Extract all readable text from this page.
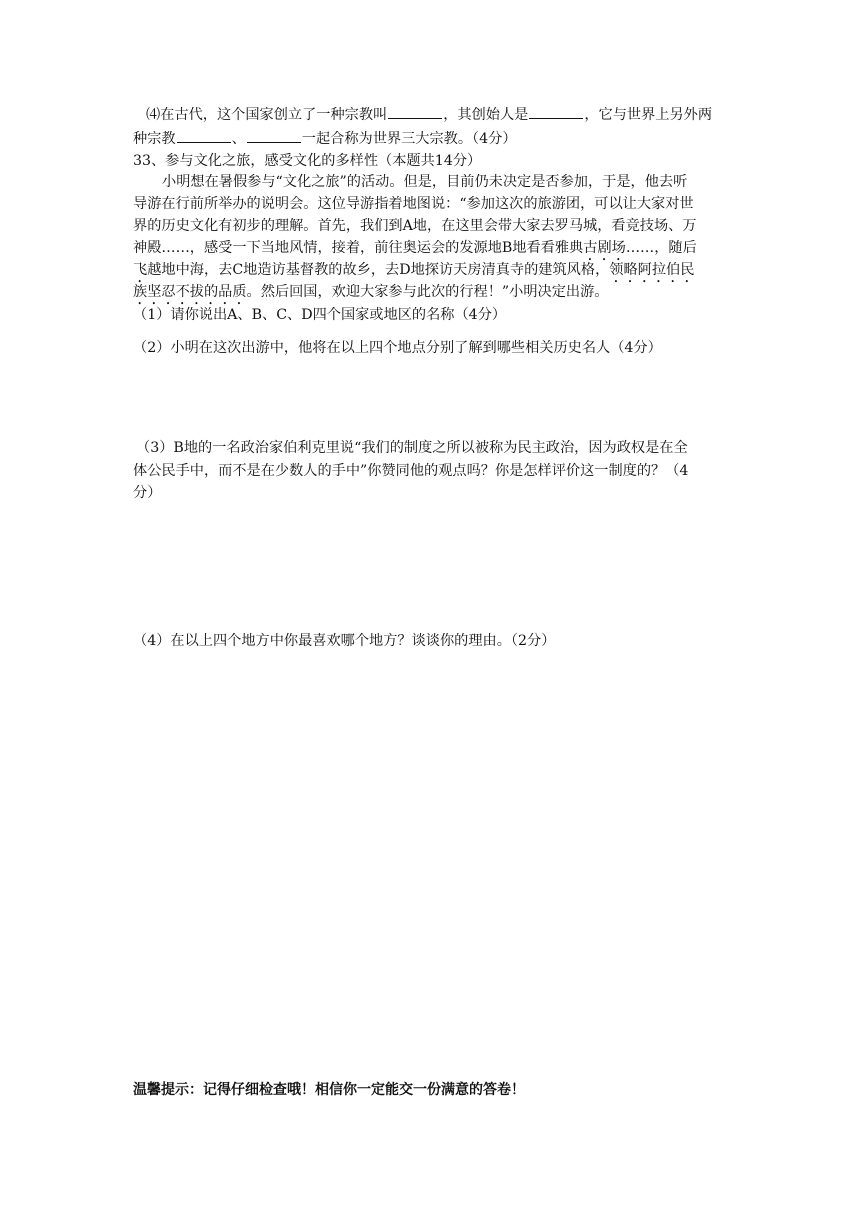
⑷在古代，这个国家创立了一种宗教叫	，其创始人是	，它与世界上另外两
种宗教	、	一起合称为世界三大宗教。（4分）
33、参与文化之旅，感受文化的多样性（本题共14分）
小明想在暑假参与“文化之旅”的活动。但是，目前仍未决定是否参加，于是，他去听
导游在行前所举办的说明会。这位导游指着地图说：“参加这次的旅游团，可以让大家对世
界的历史文化有初步的理解。首先，我们到A地，在这里会带大家去罗马城，看竞技场、万
神殿……，感受一下当地风情，接着，前往奥运会的发源地B地看看雅典古剧场……，随后
飞越地中海，去C地造访基督教的故乡，去D地探访天房清真寺的建筑风格，领略阿拉伯民
族坚忍不拔的品质。然后回国，欢迎大家参与此次的行程！”小明决定出游。
（1）请你说出A、B、C、D四个国家或地区的名称（4分）
（2）小明在这次出游中，他将在以上四个地点分别了解到哪些相关历史名人（4分）
（3）B地的一名政治家伯利克里说“我们的制度之所以被称为民主政治，因为政权是在全
体公民手中，而不是在少数人的手中”你赞同他的观点吗？你是怎样评价这一制度的？（4
分）
（4）在以上四个地方中你最喜欢哪个地方？谈谈你的理由。（2分）
温馨提示：记得仔细检查哦！相信你一定能交一份满意的答卷！
